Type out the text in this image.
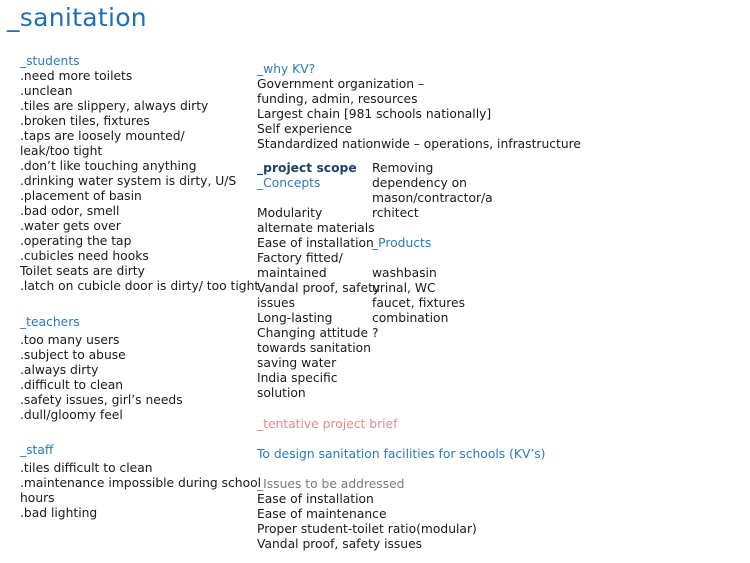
_sanitation
_students
.need more toilets
.unclean
.tiles are slippery, always dirty
.broken tiles, fixtures
.taps are loosely mounted/
leak/too tight
.don’t like touching anything
.drinking water system is dirty, U/S
.placement of basin
.bad odor, smell
.water gets over
.operating the tap
.cubicles need hooks
Toilet seats are dirty
.latch on cubicle door is dirty/ too tight
_teachers
.too many users
.subject to abuse
.always dirty
.difficult to clean
.safety issues, girl’s needs
.dull/gloomy feel
_staff
.tiles difficult to clean
.maintenance impossible during school
hours
.bad lighting
_why KV?
Government organization –
funding, admin, resources
Largest chain [981 schools nationally]
Self experience
Standardized nationwide – operations, infrastructure
_project scope
_Concepts
Modularity
alternate materials
Ease of installation
Factory fitted/
maintained
Vandal proof, safety
issues
Long-lasting
Changing attitude
towards sanitation
saving water
India specific
solution
Removing
dependency on
mason/contractor/a
rchitect
_Products
washbasin
urinal, WC
faucet, fixtures
combination
?
_tentative project brief
To design sanitation facilities for schools (KV’s)
_Issues to be addressed
Ease of installation
Ease of maintenance
Proper student-toilet ratio(modular)
Vandal proof, safety issues
